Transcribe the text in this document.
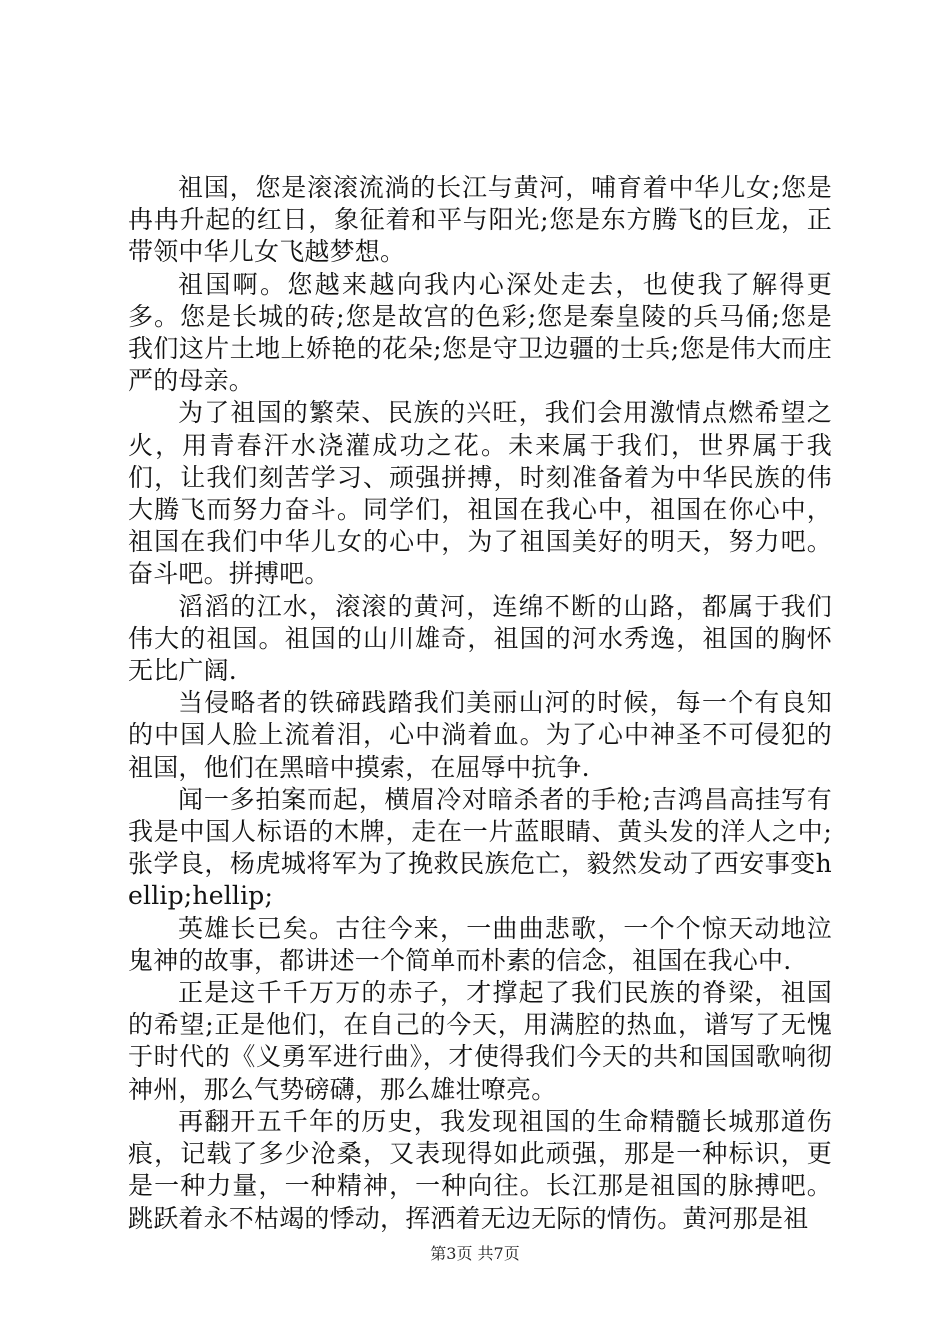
祖国，您是滚滚流淌的长江与黄河，哺育着中华儿女;您是冉冉升起的红日，象征着和平与阳光;您是东方腾飞的巨龙，正带领中华儿女飞越梦想。

祖国啊。您越来越向我内心深处走去，也使我了解得更多。您是长城的砖;您是故宫的色彩;您是秦皇陵的兵马俑;您是我们这片土地上娇艳的花朵;您是守卫边疆的士兵;您是伟大而庄严的母亲。

为了祖国的繁荣、民族的兴旺，我们会用激情点燃希望之火，用青春汗水浇灌成功之花。未来属于我们，世界属于我们，让我们刻苦学习、顽强拼搏，时刻准备着为中华民族的伟大腾飞而努力奋斗。同学们，祖国在我心中，祖国在你心中，祖国在我们中华儿女的心中，为了祖国美好的明天，努力吧。奋斗吧。拼搏吧。

滔滔的江水，滚滚的黄河，连绵不断的山路，都属于我们伟大的祖国。祖国的山川雄奇，祖国的河水秀逸，祖国的胸怀无比广阔.

当侵略者的铁碲践踏我们美丽山河的时候，每一个有良知的中国人脸上流着泪，心中淌着血。为了心中神圣不可侵犯的祖国，他们在黑暗中摸索，在屈辱中抗争.

闻一多拍案而起，横眉冷对暗杀者的手枪;吉鸿昌高挂写有我是中国人标语的木牌，走在一片蓝眼睛、黄头发的洋人之中;张学良，杨虎城将军为了挽救民族危亡，毅然发动了西安事变hellip;hellip;

英雄长已矣。古往今来，一曲曲悲歌，一个个惊天动地泣鬼神的故事，都讲述一个简单而朴素的信念，祖国在我心中.

正是这千千万万的赤子，才撑起了我们民族的脊梁，祖国的希望;正是他们，在自己的今天，用满腔的热血，谱写了无愧于时代的《义勇军进行曲》，才使得我们今天的共和国国歌响彻神州，那么气势磅礴，那么雄壮嘹亮。

再翻开五千年的历史，我发现祖国的生命精髓长城那道伤痕，记载了多少沧桑，又表现得如此顽强，那是一种标识，更是一种力量，一种精神，一种向往。长江那是祖国的脉搏吧。跳跃着永不枯竭的悸动，挥洒着无边无际的情伤。黄河那是祖

第3页 共7页
